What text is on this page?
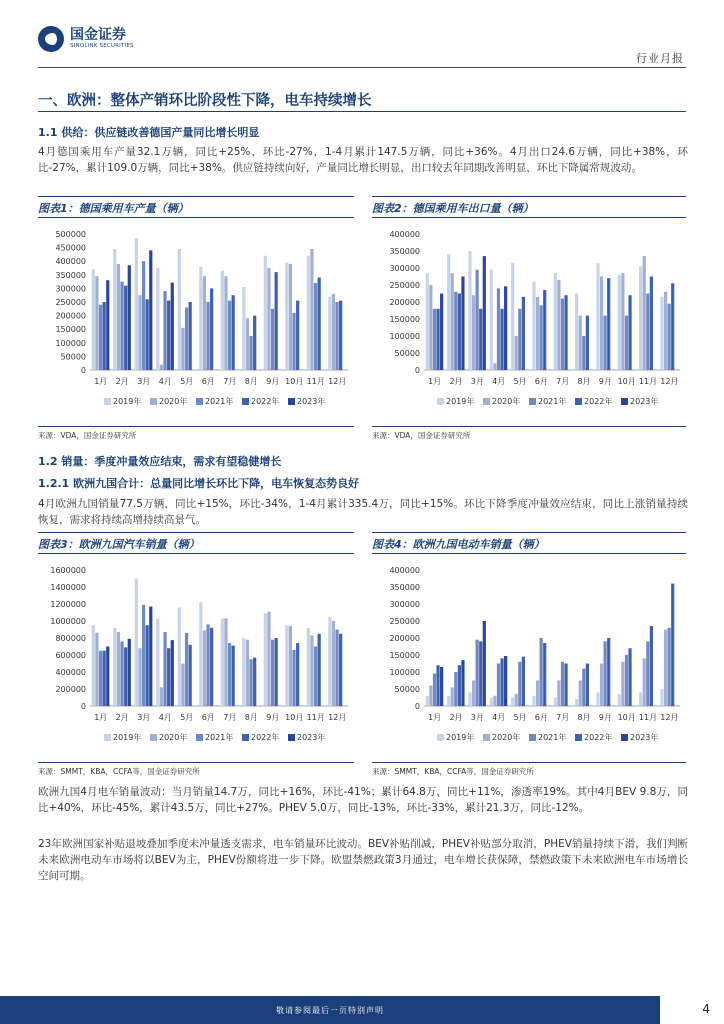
国金证券
SINOLINK SECURITIES
行业月报
一、欧洲：整体产销环比阶段性下降，电车持续增长
1.1 供给：供应链改善德国产量同比增长明显
4月德国乘用车产量32.1万辆，同比+25%，环比-27%，1-4月累计147.5万辆，同比+36%。4月出口24.6万辆，同比+38%，环比-27%，累计109.0万辆，同比+38%。供应链持续向好，产量同比增长明显，出口较去年同期改善明显，环比下降属常规波动。
图表1：德国乘用车产量（辆）	图表2：德国乘用车出口量（辆）
0
50000
100000
150000
200000
250000
300000
350000
400000
450000
500000
1月 2月 3月 4月 5月 6月 7月 8月 9月 10月 11月 12月
2019年 2020年 2021年 2022年 2023年
0
50000
100000
150000
200000
250000
300000
350000
400000
1月 2月 3月 4月 5月 6月 7月 8月 9月 10月 11月 12月
2019年 2020年 2021年 2022年 2023年
来源：VDA，国金证券研究所	来源：VDA，国金证券研究所
1.2 销量：季度冲量效应结束，需求有望稳健增长
1.2.1 欧洲九国合计：总量同比增长环比下降，电车恢复态势良好
4月欧洲九国销量77.5万辆，同比+15%，环比-34%，1-4月累计335.4万，同比+15%。环比下降季度冲量效应结束，同比上涨销量持续恢复，需求将持续高增持续高景气。
图表3：欧洲九国汽车销量（辆）	图表4：欧洲九国电动车销量（辆）
0
200000
400000
600000
800000
1000000
1200000
1400000
1600000
1月 2月 3月 4月 5月 6月 7月 8月 9月 10月 11月 12月
2019年 2020年 2021年 2022年 2023年
0
50000
100000
150000
200000
250000
300000
350000
400000
1月 2月 3月 4月 5月 6月 7月 8月 9月 10月 11月 12月
2019年 2020年 2021年 2022年 2023年
来源：SMMT，KBA，CCFA等，国金证券研究所	来源：SMMT，KBA，CCFA等，国金证券研究所
欧洲九国4月电车销量波动：当月销量14.7万，同比+16%，环比-41%；累计64.8万，同比+11%，渗透率19%。其中4月BEV 9.8万，同比+40%，环比-45%，累计43.5万，同比+27%。PHEV 5.0万，同比-13%，环比-33%，累计21.3万，同比-12%。
23年欧洲国家补贴退坡叠加季度末冲量透支需求，电车销量环比波动。BEV补贴削减，PHEV补贴部分取消，PHEV销量持续下滑，我们判断未来欧洲电动车市场将以BEV为主，PHEV份额将进一步下降。欧盟禁燃政策3月通过，电车增长获保障，禁燃政策下未来欧洲电车市场增长空间可期。
敬请参阅最后一页特别声明	4
